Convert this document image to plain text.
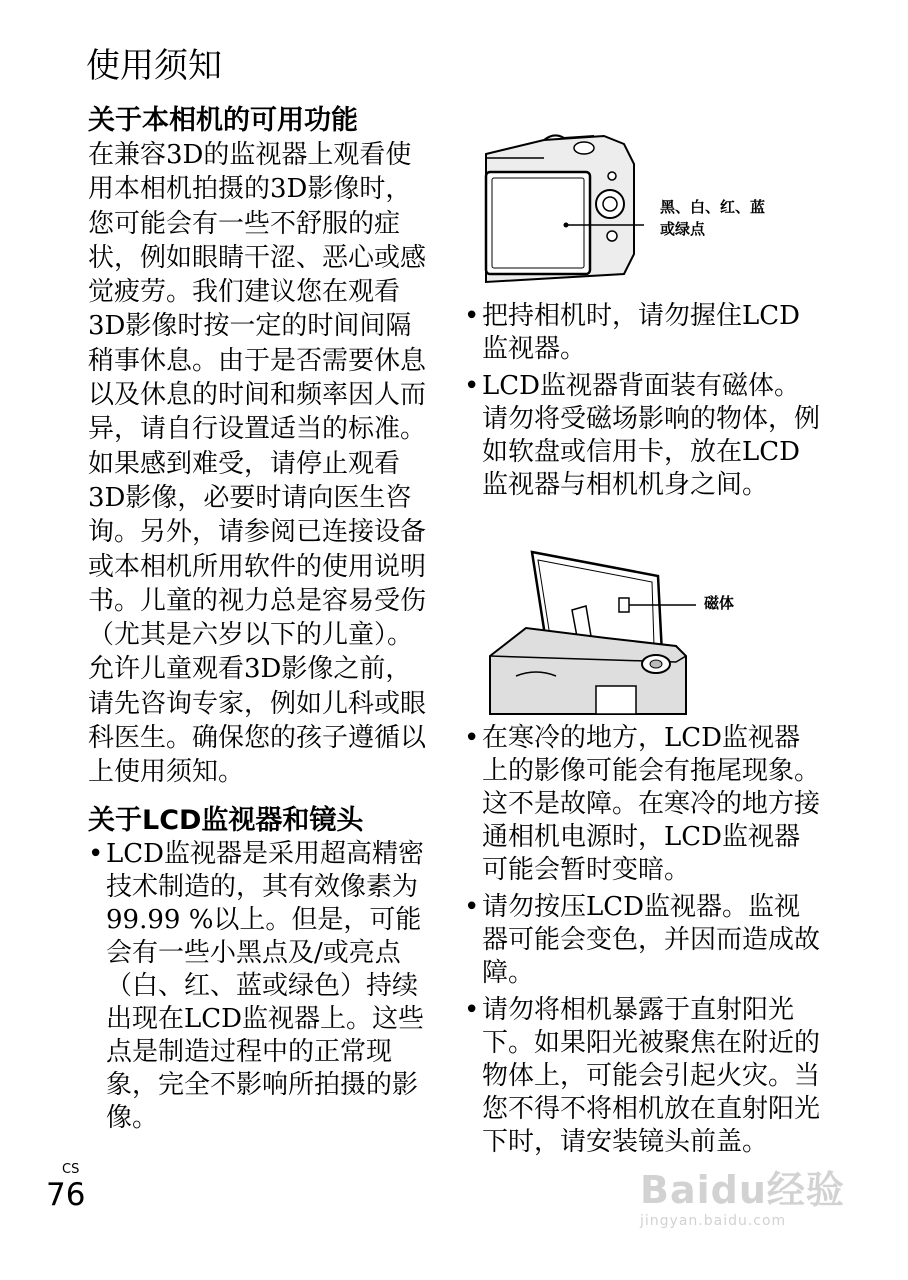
使用须知
关于本相机的可用功能

在兼容3D的监视器上观看使用本相机拍摄的3D影像时，您可能会有一些不舒服的症状，例如眼睛干涩、恶心或感觉疲劳。我们建议您在观看3D影像时按一定的时间间隔稍事休息。由于是否需要休息以及休息的时间和频率因人而异，请自行设置适当的标准。如果感到难受，请停止观看3D影像，必要时请向医生咨询。另外，请参阅已连接设备或本相机所用软件的使用说明书。儿童的视力总是容易受伤（尤其是六岁以下的儿童）。允许儿童观看3D影像之前，请先咨询专家，例如儿科或眼科医生。确保您的孩子遵循以上使用须知。

关于LCD监视器和镜头
• LCD监视器是采用超高精密技术制造的，其有效像素为99.99 %以上。但是，可能会有一些小黑点及/或亮点（白、红、蓝或绿色）持续出现在LCD监视器上。这些点是制造过程中的正常现象，完全不影响所拍摄的影像。
黑、白、红、蓝
或绿点
• 把持相机时，请勿握住LCD监视器。
• LCD监视器背面装有磁体。请勿将受磁场影响的物体，例如软盘或信用卡，放在LCD监视器与相机机身之间。
磁体
• 在寒冷的地方，LCD监视器上的影像可能会有拖尾现象。这不是故障。在寒冷的地方接通相机电源时，LCD监视器可能会暂时变暗。
• 请勿按压LCD监视器。监视器可能会变色，并因而造成故障。
• 请勿将相机暴露于直射阳光下。如果阳光被聚焦在附近的物体上，可能会引起火灾。当您不得不将相机放在直射阳光下时，请安装镜头前盖。
CS
76	Baidu经验
jingyan.baidu.com
